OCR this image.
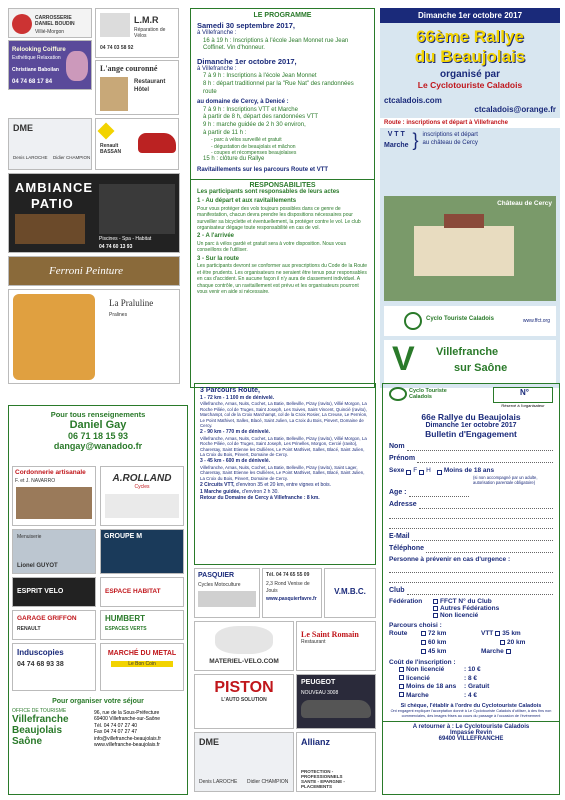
CARROSSERIE DANIEL BOUDIN
Villié-Morgon
L.M.R
Réparation de Vélos
04 74 03 58 92
Relooking Coiffure
Esthétique Relaxation
Christiane Baboilan
04 74 68 17 84
L'ange couronné
Restaurant
Hôtel
DME
Denis LAROCHE Didier CHAMPION
Renault BASSAN
AMBIANCE
PATIO
Piscines - Spa - Habitat
04 74 60 13 93
Ferroni Peinture
La Praluline
Pralines
LE PROGRAMME
Samedi 30 septembre 2017,
à Villefranche :
16 à 19 h : Inscriptions à l'école Jean Monnet rue Jean Coffinet. Vin d'honneur.
Dimanche 1er octobre 2017,
à Villefranche :
7 à 9 h : Inscriptions à l'école Jean Monnet
8 h : départ traditionnel par la "Rue Nat" des randonnées route
au domaine de Cercy, à Denicé :
7 à 9 h : Inscriptions VTT et Marche
à partir de 8 h, départ des randonnées VTT
9 h : marche guidée de 2 h 30 environ,
à partir de 11 h :
- parc à vélos surveillé et gratuit
- dégustation de beaujolais et mâchon
- coupes et récompenses beaujolaises
15 h : clôture du Rallye
Ravitaillements sur les parcours Route et VTT
RESPONSABILITES
Les participants sont responsables de leurs actes
1 - Au départ et aux ravitaillements
Pour vous protéger des vols toujours possibles dans ce genre de manifestation, chacun devra prendre les dispositions nécessaires pour surveiller sa bicyclette et éventuellement, la protéger contre le vol. Le club organisateur dégage toute responsabilité en cas de vol.
2 - A l'arrivée
Un parc à vélos gardé et gratuit sera à votre disposition. Nous vous conseillons de l'utiliser.
3 - Sur la route
Les participants devront se conformer aux prescriptions du Code de la Route et être prudents. Les organisateurs ne seraient être tenus pour responsables en cas d'accident. En aucune façon il n'y aura de classement individuel. A chaque contrôle, un ravitaillement est prévu et les organisateurs pourront vous venir en aide si nécessaire.
Dimanche 1er octobre 2017
66ème Rallye
du Beaujolais
organisé par
Le Cyclotouriste Caladois
ctcaladois.com
ctcaladois@orange.fr
Route : inscriptions et départ à Villefranche
V T T
Marche } inscriptions et départ
au château de Cercy
Château de Cercy
Cyclo Touriste Caladois	www.ffct.org
V Villefranche
sur Saône
Pour tous renseignements
Daniel Gay
06 71 18 15 93
dangay@wanadoo.fr
Cordonnerie artisanale
F. et J. NAVARRO	A.ROLLAND
Cycles
Lionel GUYOT
Menuiserie	GROUPE M
ESPRIT VELO	ESPACE HABITAT
GARAGE GRIFFON
RENAULT
HUMBERT
ESPACES VERTS
Induscopies
04 74 68 93 38
MARCHÉ DU METAL
Le Bon Coin
Pour organiser votre séjour
OFFICE DE TOURISME
Villefranche
Beaujolais
Saône
96, rue de la Sous-Préfecture
69400 Villefranche-sur-Saône
Tél. 04 74 07 27 40
Fax 04 74 07 27 47
info@villefranche-beaujolais.fr
www.villefranche-beaujolais.fr
3 Parcours Route,
1 - 72 km - 1 100 m de dénivelé.
Villefranche, Arnas, Nuits, Cochet, La Batie, Belleville, Pizay (ravito), Villié Morgon, La Roche Piliée, col de Truges, Saint Joseph, Les Suives, Saint Vincent, Quincié (ravito), Marchampt, col de la Croix Marchampt, col de la Croix Rosier, La Creuse, Le Perréon, Le Point Mathivet, Salles, Blacé, Saint Julien, La Croix du Bois, Pinvert, Domaine de Cercy.
2 - 90 km - 770 m de dénivelé.
Villefranche, Arnas, Nuits, Cochet, La Batie, Belleville, Pizay (ravito), Villié Morgon, La Roche Piliée, col de Truges, Saint Joseph, Les Prinelles, Morgon, Cercié (ravito), Charentay, Saint Etienne les Oullières, Le Point Mathivet, Salles, Blacé, Saint Julien, La Croix du Bois, Pinvert, Domaine de Cercy.
3 - 45 km - 600 m de dénivelé.
Villefranche, Arnas, Nuits, Cochet, La Batie, Belleville, Pizay (ravito), Saint Lager, Charentay, Saint Etienne les Oullières, Le Point Mathivet, Salles, Blacé, Saint Julien, La Croix du Bois, Pinvert, Domaine de Cercy.
2 Circuits VTT, d'environ 35 et 20 km, entre vignes et bois.
1 Marche guidée, d'environ 2 h 30.
Retour du Domaine de Cercy à Villefranche : 8 km.
PASQUIER
Cycles Motoculture
Tél. 04 74 65 55 09
2,3 Rond Venise de Jouis
www.pasquierfavre.fr
V.M.B.C.
MATERIEL-VELO.COM
Le Saint Romain
Restaurant
PISTON
L'AUTO SOLUTION
PEUGEOT
NOUVEAU 3008
DME
Denis LAROCHE Didier CHAMPION
Allianz
PROTECTION - PROFESSIONNELS
SANTE - EPARGNE - PLACEMENTS
Cyclo Touriste Caladois	N°
Réservé à l'organisateur
66e Rallye du Beaujolais
Dimanche 1er octobre 2017
Bulletin d'Engagement
Nom
Prénom
Sexe F H Moins de 18 ans
(si non accompagné par un adulte, autorisation parentale obligatoire)
Age :
Adresse
E-Mail
Téléphone
Personne à prévenir en cas d'urgence :
Club
Fédération	FFCT N° du Club
Autres Fédérations
Non licencié
Parcours choisi :
Route	72 km
60 km
45 km
VTT 35 km
20 km
Marche
Coût de l'inscription :
Non licencié	: 10 €
licencié	: 8 €
Moins de 18 ans : Gratuit
Marche	: 4 €
Si chèque, l'établir à l'ordre du Cyclotouriste Caladois
Ont engagent expliquer l'acceptation donné à Le Cyclotouriste Caladois d'utiliser, à des fins non commerciales, des images frises au cours du passage à l'occasion de l'événement
A retourner à : Le Cyclotouriste Caladois
Impasse Revin
69400 VILLEFRANCHE
